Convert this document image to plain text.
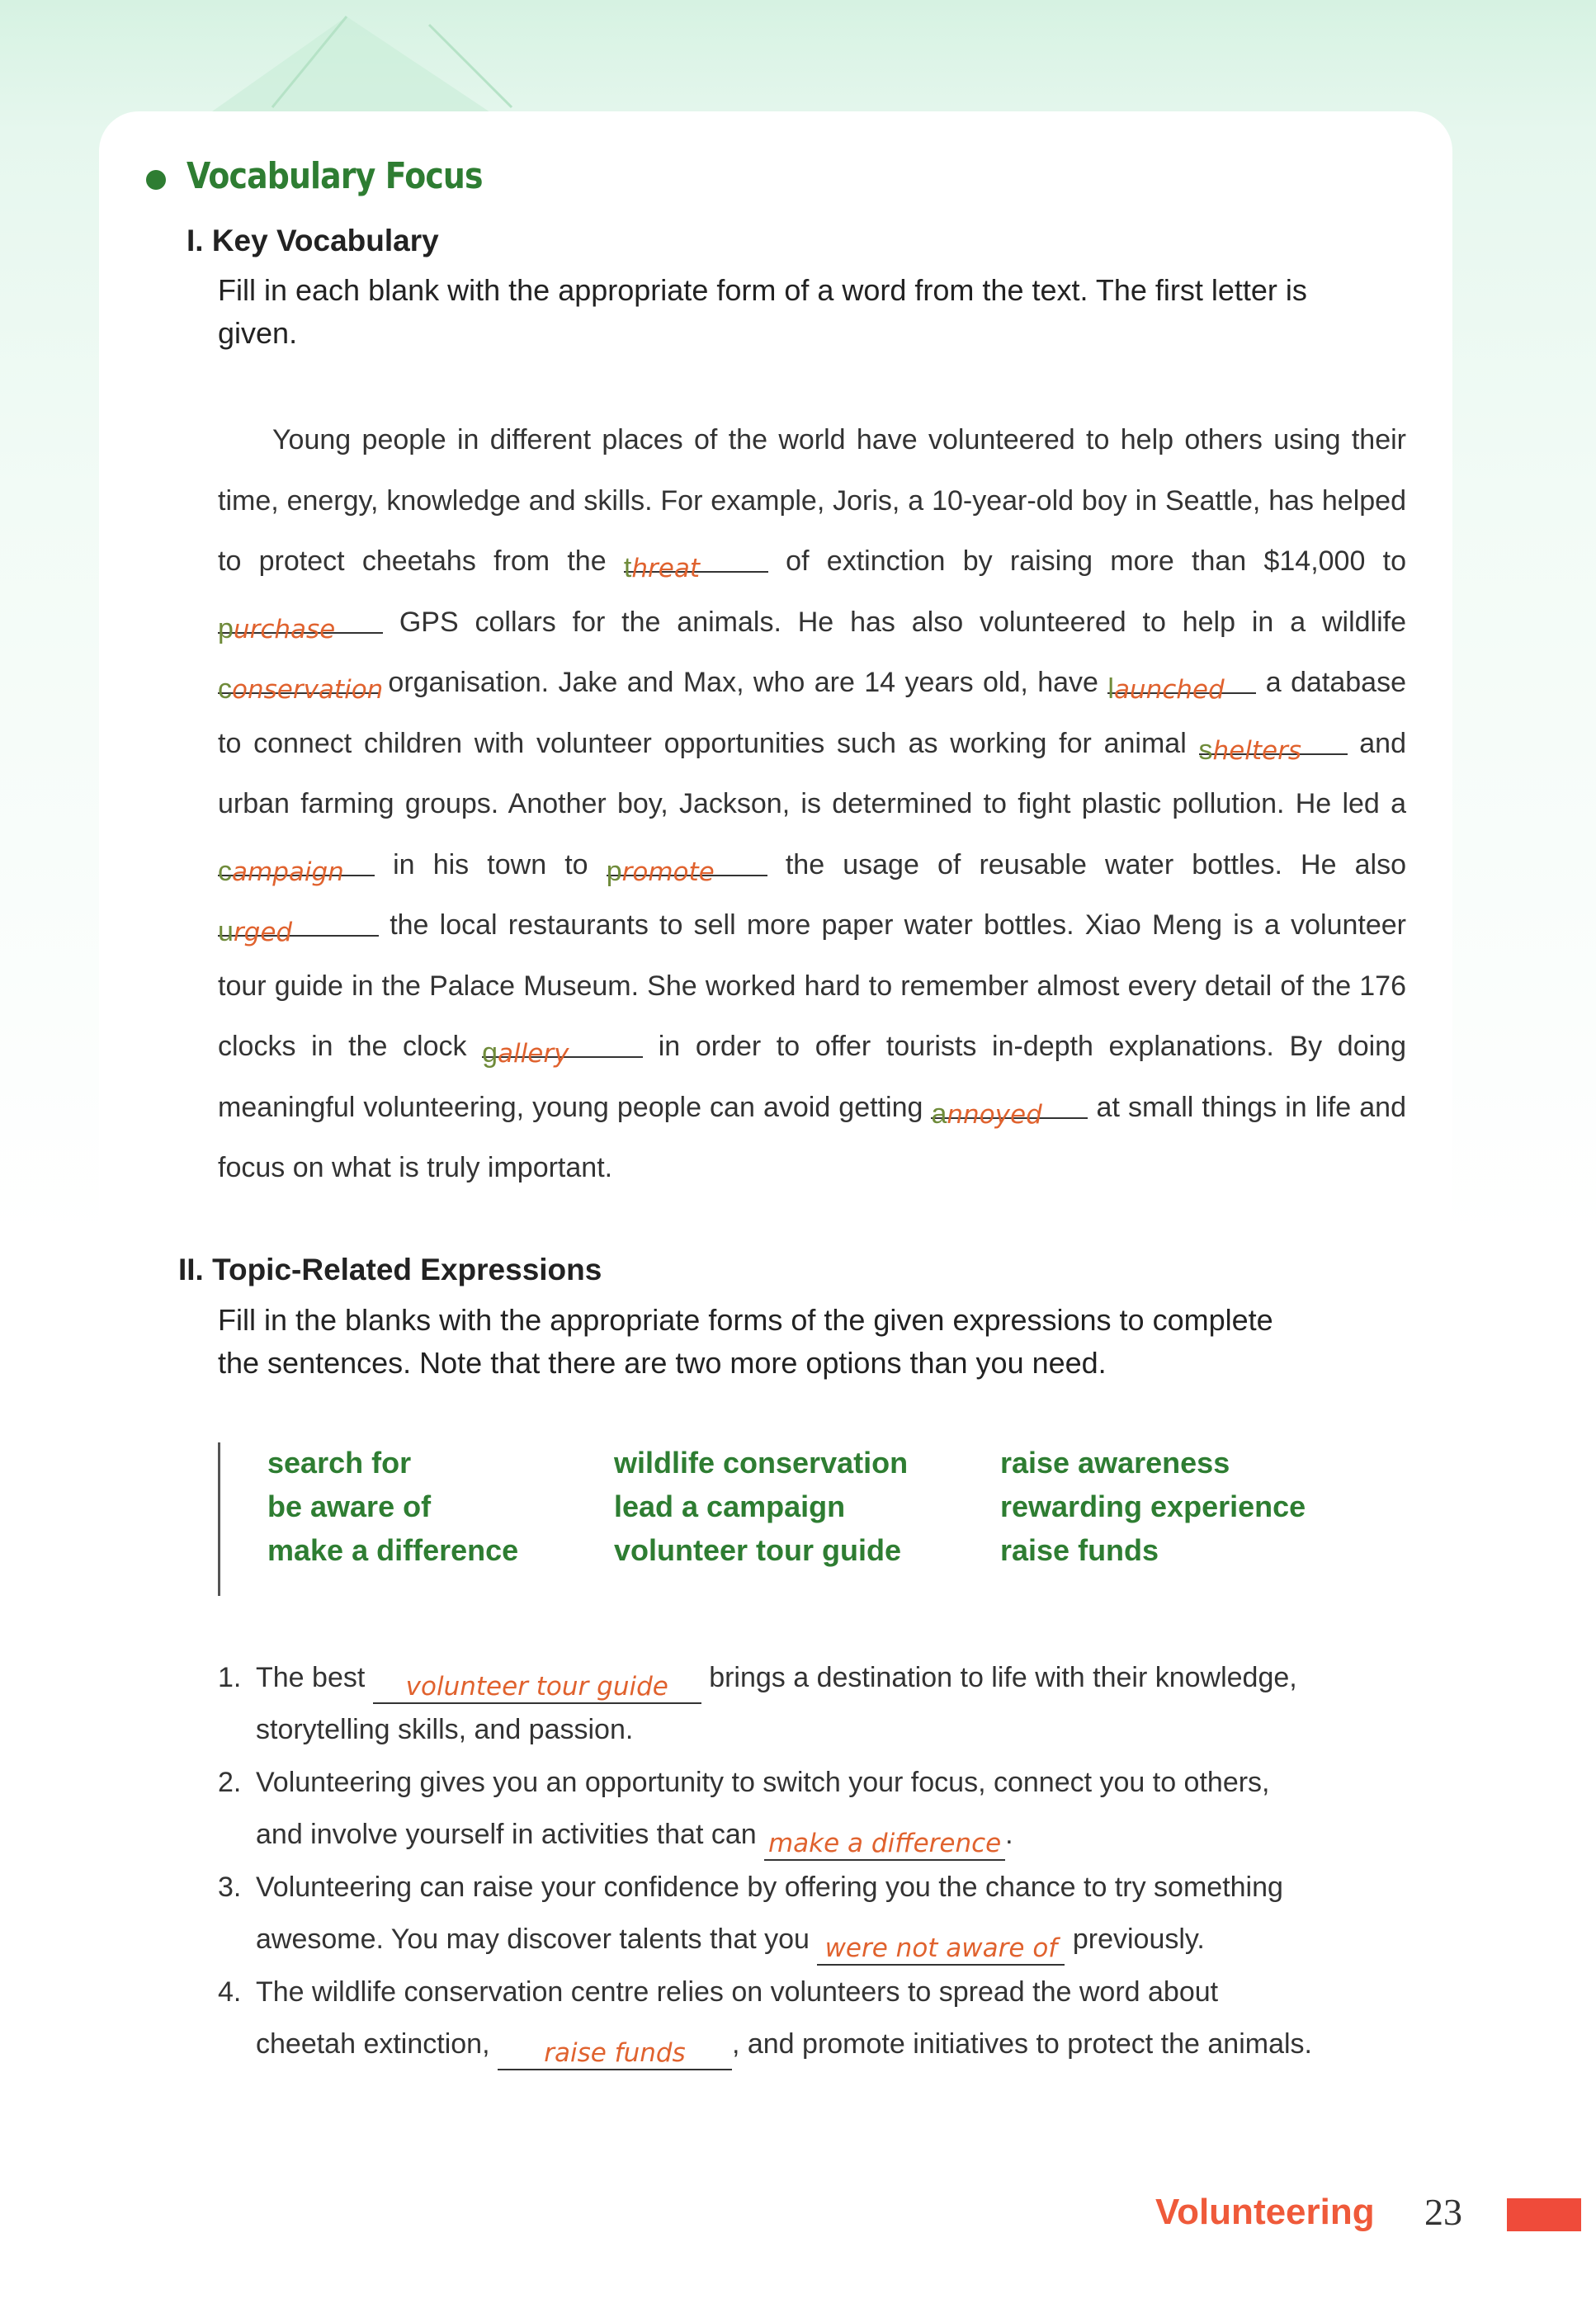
Vocabulary Focus
I. Key Vocabulary
Fill in each blank with the appropriate form of a word from the text. The first letter is
given.
Young people in different places of the world have volunteered to help others using their time, energy, knowledge and skills. For example, Joris, a 10-year-old boy in Seattle, has helped to protect cheetahs from the threat of extinction by raising more than $14,000 to purchase GPS collars for the animals. He has also volunteered to help in a wildlife conservation organisation. Jake and Max, who are 14 years old, have launched a database to connect children with volunteer opportunities such as working for animal shelters and urban farming groups. Another boy, Jackson, is determined to fight plastic pollution. He led a campaign in his town to promote the usage of reusable water bottles. He also urged	the local restaurants to sell more paper water bottles. Xiao Meng is a volunteer tour guide in the Palace Museum. She worked hard to remember almost every detail of the 176 clocks in the clock gallery	in order to offer tourists in-depth explanations. By doing meaningful volunteering, young people can avoid getting annoyed at small things in life and focus on what is truly important.
II. Topic-Related Expressions
Fill in the blanks with the appropriate forms of the given expressions to complete
the sentences. Note that there are two more options than you need.
search for
be aware of
make a difference
wildlife conservation
lead a campaign
volunteer tour guide
raise awareness
rewarding experience
raise funds
1. The best volunteer tour guide brings a destination to life with their knowledge,
storytelling skills, and passion.
2. Volunteering gives you an opportunity to switch your focus, connect you to others,
and involve yourself in activities that can make a difference .
3. Volunteering can raise your confidence by offering you the chance to try something
awesome. You may discover talents that you were not aware of previously.
4. The wildlife conservation centre relies on volunteers to spread the word about
cheetah extinction, raise funds , and promote initiatives to protect the animals.
Volunteering 23
